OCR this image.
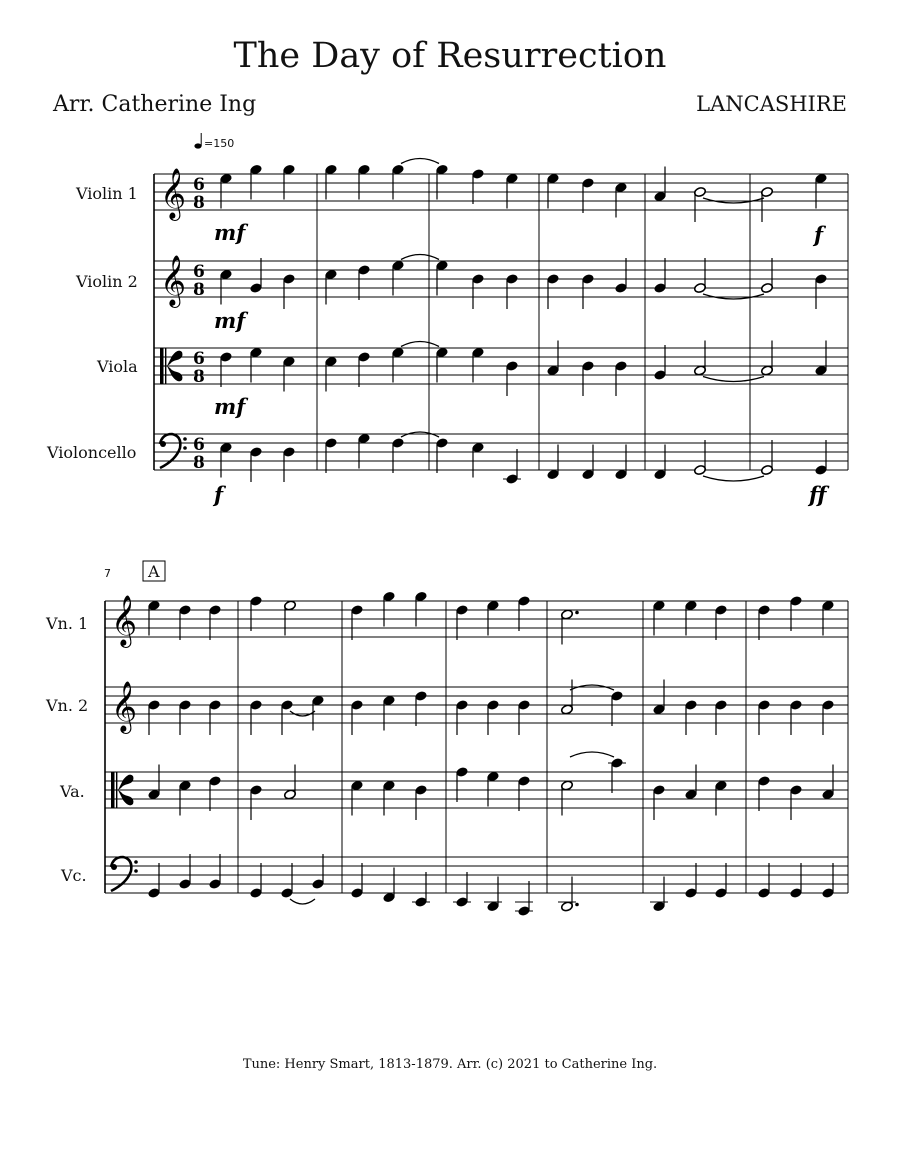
The Day of Resurrection
Arr. Catherine Ing	LANCASHIRE
Tune: Henry Smart, 1813-1879. Arr. (c) 2021 to Catherine Ing.
=150
Violin 1
Violin 2
Viola
Violoncello
𝄞
𝄞
6
8
6
8
6
8
6
8
mf	f
mf
mf
f	ff
7 A
Vn. 1
Vn. 2
Va.
Vc.
𝄞
𝄞
